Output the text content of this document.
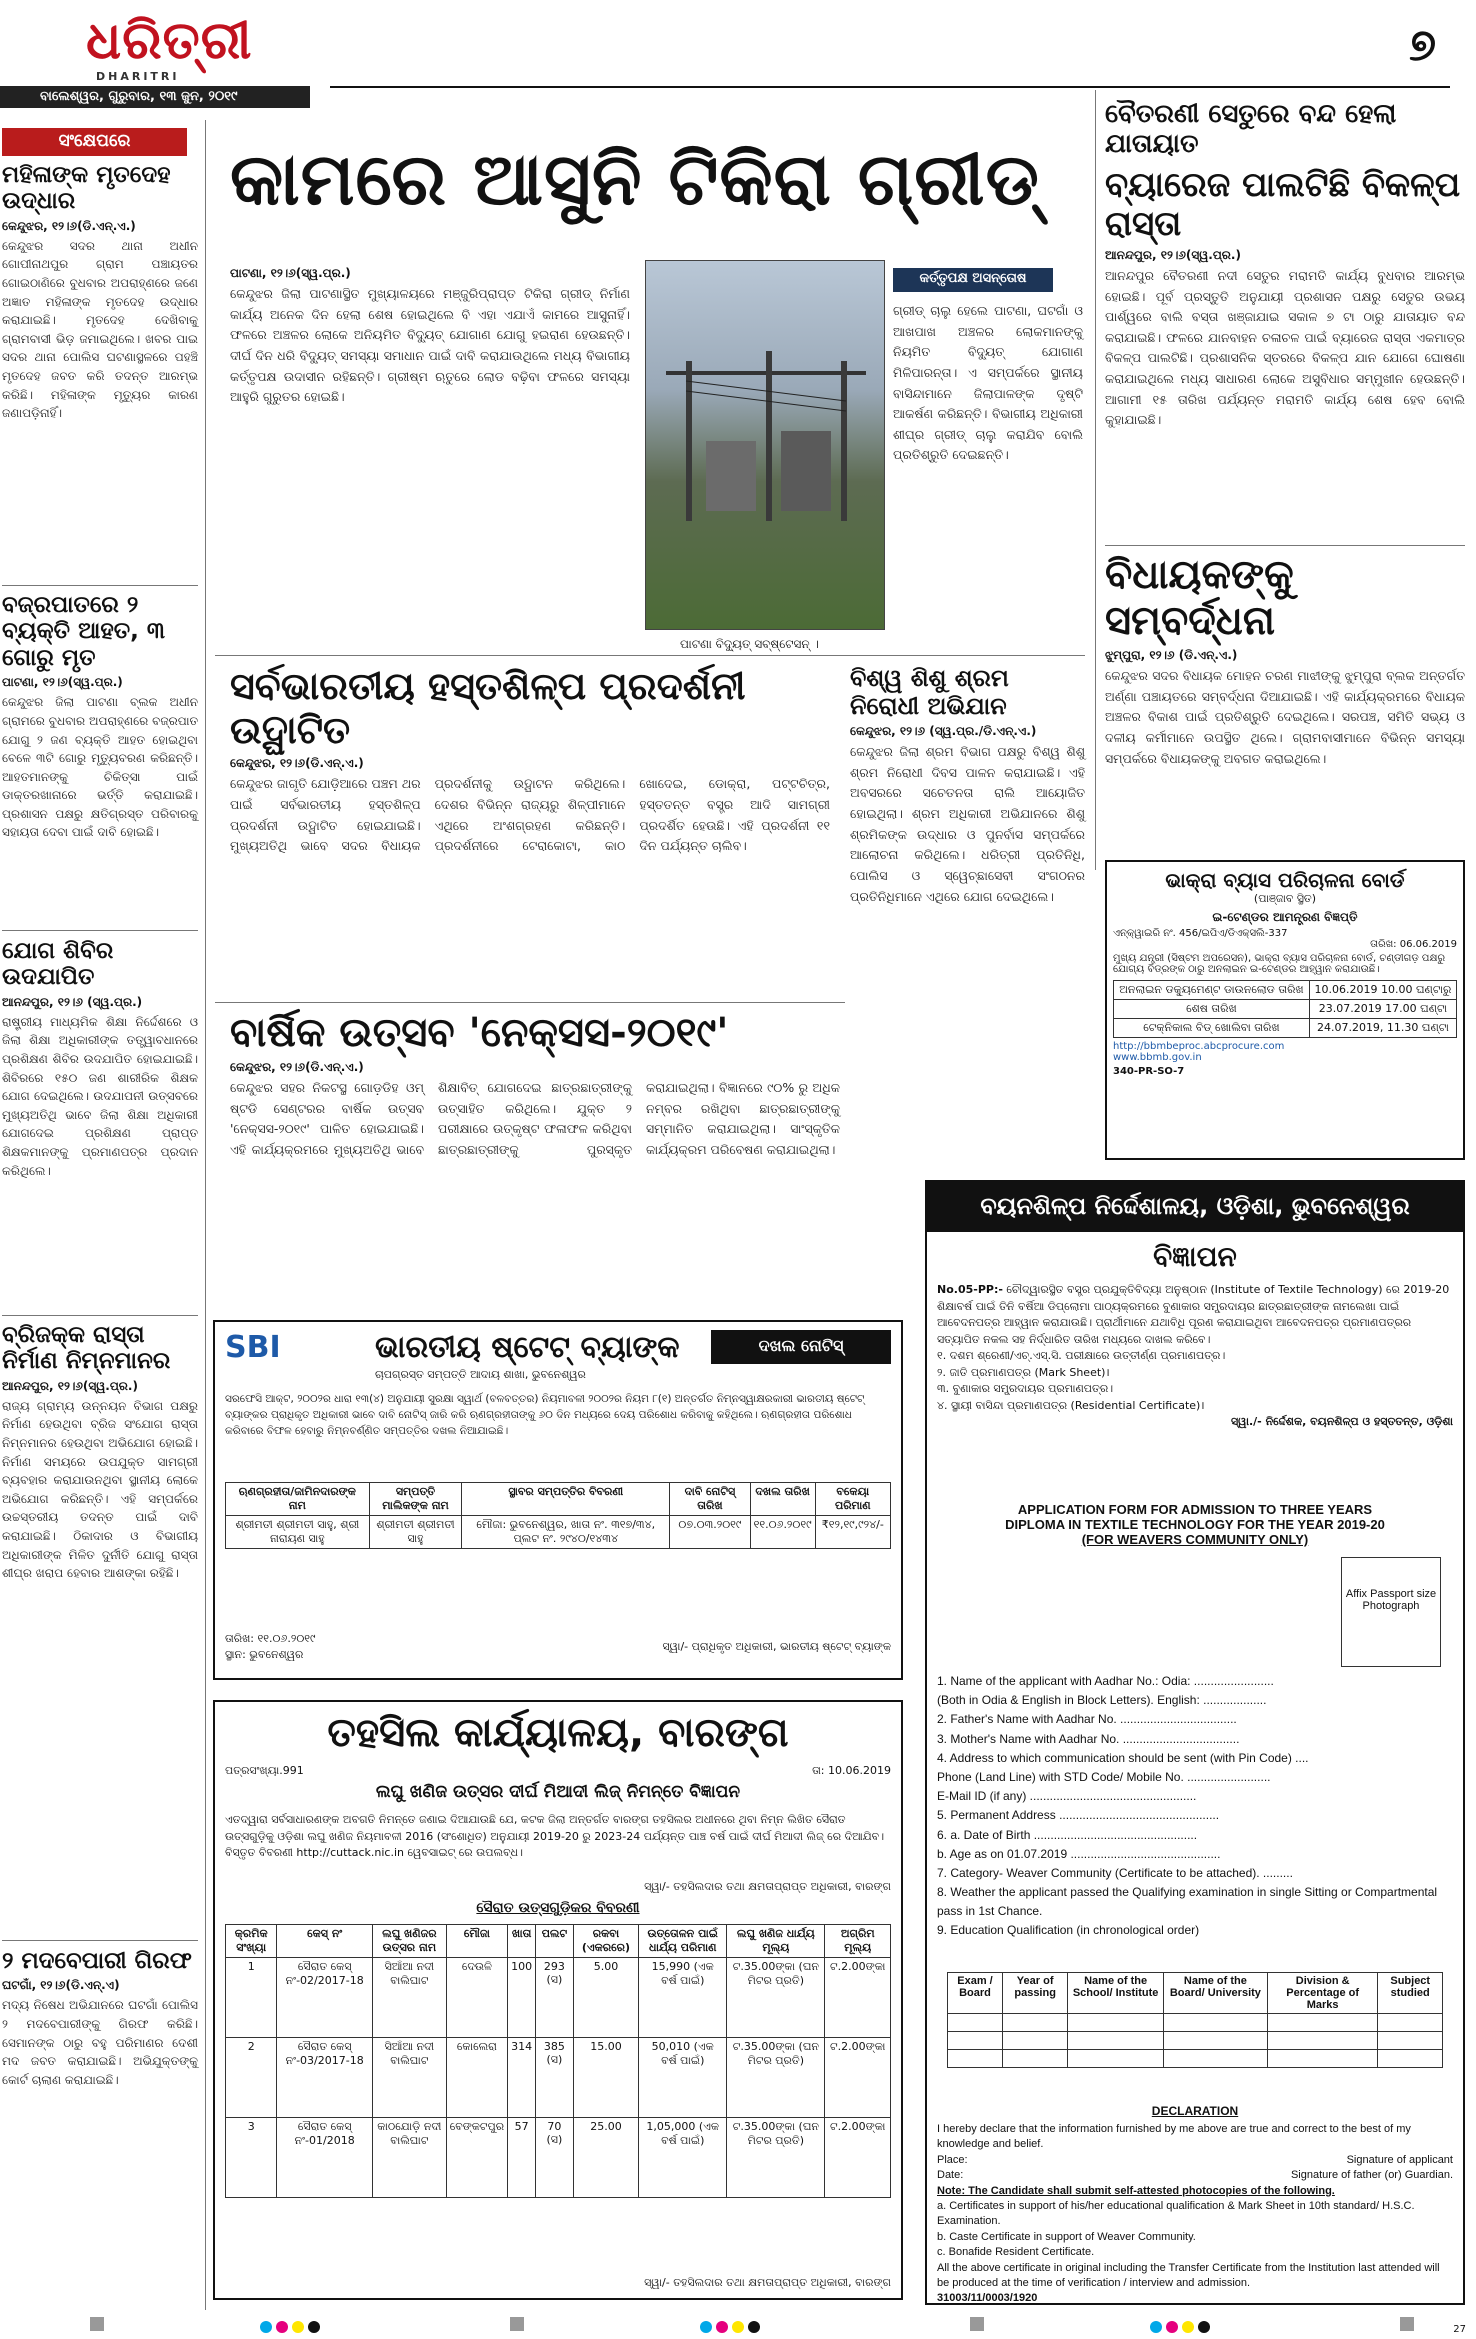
ଧରିତ୍ରୀ
DHARITRI
ବାଲେଶ୍ୱର, ଗୁରୁବାର, ୧୩ ଜୁନ, ୨୦୧୯
୭
ସଂକ୍ଷେପରେ
ମହିଳାଙ୍କ ମୃତଦେହ ଉଦ୍ଧାର
କେନ୍ଦୁଝର, ୧୨।୬(ଡି.ଏନ୍.ଏ.)
କେନ୍ଦୁଝର ସଦର ଥାନା ଅଧୀନ ଗୋପୀନାଥପୁର ଗ୍ରାମ ପଞ୍ଚାୟତର ଗୋଇଠାଣିରେ ବୁଧବାର ଅପରାହ୍ଣରେ ଜଣେ ଅଜ୍ଞାତ ମହିଳାଙ୍କ ମୃତଦେହ ଉଦ୍ଧାର କରାଯାଇଛି। ମୃତଦେହ ଦେଖିବାକୁ ଗ୍ରାମବାସୀ ଭିଡ଼ ଜମାଇଥିଲେ। ଖବର ପାଇ ସଦର ଥାନା ପୋଲିସ ଘଟଣାସ୍ଥଳରେ ପହଞ୍ଚି ମୃତଦେହ ଜବତ କରି ତଦନ୍ତ ଆରମ୍ଭ କରିଛି। ମହିଳାଙ୍କ ମୃତ୍ୟୁର କାରଣ ଜଣାପଡ଼ିନାହିଁ।
ବଜ୍ରପାତରେ ୨ ବ୍ୟକ୍ତି ଆହତ, ୩ ଗୋରୁ ମୃତ
ପାଟଣା, ୧୨।୬(ସ୍ୱ.ପ୍ର.)
କେନ୍ଦୁଝର ଜିଲା ପାଟଣା ବ୍ଲକ ଅଧୀନ ଗ୍ରାମରେ ବୁଧବାର ଅପରାହ୍ଣରେ ବଜ୍ରପାତ ଯୋଗୁ ୨ ଜଣ ବ୍ୟକ୍ତି ଆହତ ହୋଇଥିବା ବେଳେ ୩ଟି ଗୋରୁ ମୃତ୍ୟୁବରଣ କରିଛନ୍ତି। ଆହତମାନଙ୍କୁ ଚିକିତ୍ସା ପାଇଁ ଡାକ୍ତରଖାନାରେ ଭର୍ତ୍ତି କରାଯାଇଛି। ପ୍ରଶାସନ ପକ୍ଷରୁ କ୍ଷତିଗ୍ରସ୍ତ ପରିବାରକୁ ସହାୟତା ଦେବା ପାଇଁ ଦାବି ହୋଇଛି।
ଯୋଗ ଶିବିର ଉଦଯାପିତ
ଆନନ୍ଦପୁର, ୧୨।୬ (ସ୍ୱ.ପ୍ର.)
ରାଷ୍ଟ୍ରୀୟ ମାଧ୍ୟମିକ ଶିକ୍ଷା ନିର୍ଦ୍ଦେଶରେ ଓ ଜିଲା ଶିକ୍ଷା ଅଧିକାରୀଙ୍କ ତତ୍ତ୍ୱାବଧାନରେ ପ୍ରଶିକ୍ଷଣ ଶିବିର ଉଦଯାପିତ ହୋଇଯାଇଛି। ଶିବିରରେ ୧୫୦ ଜଣ ଶାରୀରିକ ଶିକ୍ଷକ ଯୋଗ ଦେଇଥିଲେ। ଉଦଯାପନୀ ଉତ୍ସବରେ ମୁଖ୍ୟଅତିଥି ଭାବେ ଜିଲା ଶିକ୍ଷା ଅଧିକାରୀ ଯୋଗଦେଇ ପ୍ରଶିକ୍ଷଣ ପ୍ରାପ୍ତ ଶିକ୍ଷକମାନଙ୍କୁ ପ୍ରମାଣପତ୍ର ପ୍ରଦାନ କରିଥିଲେ।
ବ୍ରିଜକ୍କ ରାସ୍ତା ନିର୍ମାଣ ନିମ୍ନମାନର
ଆନନ୍ଦପୁର, ୧୨।୬(ସ୍ୱ.ପ୍ର.)
ରାଜ୍ୟ ଗ୍ରାମ୍ୟ ଉନ୍ନୟନ ବିଭାଗ ପକ୍ଷରୁ ନିର୍ମାଣ ହେଉଥିବା ବ୍ରିଜ ସଂଯୋଗ ରାସ୍ତା ନିମ୍ନମାନର ହେଉଥିବା ଅଭିଯୋଗ ହୋଇଛି। ନିର୍ମାଣ ସମୟରେ ଉପଯୁକ୍ତ ସାମଗ୍ରୀ ବ୍ୟବହାର କରାଯାଉନଥିବା ସ୍ଥାନୀୟ ଲୋକେ ଅଭିଯୋଗ କରିଛନ୍ତି। ଏହି ସମ୍ପର୍କରେ ଉଚ୍ଚସ୍ତରୀୟ ତଦନ୍ତ ପାଇଁ ଦାବି କରାଯାଇଛି। ଠିକାଦାର ଓ ବିଭାଗୀୟ ଅଧିକାରୀଙ୍କ ମିଳିତ ଦୁର୍ନୀତି ଯୋଗୁ ରାସ୍ତା ଶୀଘ୍ର ଖରାପ ହେବାର ଆଶଙ୍କା ରହିଛି।
୨ ମଦବେପାରୀ ଗିରଫ
ଘଟଗାଁ, ୧୨।୬(ଡି.ଏନ୍.ଏ)
ମଦ୍ୟ ନିଷେଧ ଅଭିଯାନରେ ଘଟଗାଁ ପୋଲିସ ୨ ମଦବେପାରୀଙ୍କୁ ଗିରଫ କରିଛି। ସେମାନଙ୍କ ଠାରୁ ବହୁ ପରିମାଣର ଦେଶୀ ମଦ ଜବତ କରାଯାଇଛି। ଅଭିଯୁକ୍ତଙ୍କୁ କୋର୍ଟ ଚାଲାଣ କରାଯାଇଛି।
କାମରେ ଆସୁନି ଟିକିରା ଗ୍ରୀଡ୍‌
ପାଟଣା, ୧୨।୬(ସ୍ୱ.ପ୍ର.)
କେନ୍ଦୁଝର ଜିଲା ପାଟଣାସ୍ଥିତ ମୁଖ୍ୟାଳୟରେ ମଞ୍ଜୁରିପ୍ରାପ୍ତ ଟିକିରା ଗ୍ରୀଡ୍ ନିର୍ମାଣ କାର୍ଯ୍ୟ ଅନେକ ଦିନ ହେଲା ଶେଷ ହୋଇଥିଲେ ବି ଏହା ଏଯାଏଁ କାମରେ ଆସୁନାହିଁ। ଫଳରେ ଅଞ୍ଚଳର ଲୋକେ ଅନିୟମିତ ବିଦ୍ୟୁତ୍ ଯୋଗାଣ ଯୋଗୁ ହଇରାଣ ହେଉଛନ୍ତି। ଦୀର୍ଘ ଦିନ ଧରି ବିଦ୍ୟୁତ୍ ସମସ୍ୟା ସମାଧାନ ପାଇଁ ଦାବି କରାଯାଉଥିଲେ ମଧ୍ୟ ବିଭାଗୀୟ କର୍ତ୍ତୃପକ୍ଷ ଉଦାସୀନ ରହିଛନ୍ତି। ଗ୍ରୀଷ୍ମ ଋତୁରେ ଲୋଡ ବଢ଼ିବା ଫଳରେ ସମସ୍ୟା ଆହୁରି ଗୁରୁତର ହୋଇଛି।
ପାଟଣା ବିଦ୍ୟୁତ୍ ସବ୍‌ଷ୍ଟେସନ୍ ।
କର୍ତ୍ତୃପକ୍ଷ ଅସନ୍ତୋଷ
ଗ୍ରୀଡ୍ ଚାଲୁ ହେଲେ ପାଟଣା, ଘଟଗାଁ ଓ ଆଖପାଖ ଅଞ୍ଚଳର ଲୋକମାନଙ୍କୁ ନିୟମିତ ବିଦ୍ୟୁତ୍ ଯୋଗାଣ ମିଳିପାରନ୍ତା। ଏ ସମ୍ପର୍କରେ ସ୍ଥାନୀୟ ବାସିନ୍ଦାମାନେ ଜିଲାପାଳଙ୍କ ଦୃଷ୍ଟି ଆକର୍ଷଣ କରିଛନ୍ତି। ବିଭାଗୀୟ ଅଧିକାରୀ ଶୀଘ୍ର ଗ୍ରୀଡ୍ ଚାଲୁ କରାଯିବ ବୋଲି ପ୍ରତିଶ୍ରୁତି ଦେଇଛନ୍ତି।
ବୈତରଣୀ ସେତୁରେ ବନ୍ଦ ହେଲା ଯାତାୟାତ
ବ୍ୟାରେଜ ପାଲଟିଛି ବିକଳ୍ପ ରାସ୍ତା
ଆନନ୍ଦପୁର, ୧୨।୬(ସ୍ୱ.ପ୍ର.)
ଆନନ୍ଦପୁର ବୈତରଣୀ ନଦୀ ସେତୁର ମରାମତି କାର୍ଯ୍ୟ ବୁଧବାର ଆରମ୍ଭ ହୋଇଛି। ପୂର୍ବ ପ୍ରସ୍ତୁତି ଅନୁଯାୟୀ ପ୍ରଶାସନ ପକ୍ଷରୁ ସେତୁର ଉଭୟ ପାର୍ଶ୍ୱରେ ବାଲି ବସ୍ତା ଖଞ୍ଜାଯାଇ ସକାଳ ୭ ଟା ଠାରୁ ଯାତାୟାତ ବନ୍ଦ କରାଯାଇଛି। ଫଳରେ ଯାନବାହନ ଚଳାଚଳ ପାଇଁ ବ୍ୟାରେଜ ରାସ୍ତା ଏକମାତ୍ର ବିକଳ୍ପ ପାଲଟିଛି। ପ୍ରଶାସନିକ ସ୍ତରରେ ବିକଳ୍ପ ଯାନ ଯୋଗେ ଘୋଷଣା କରାଯାଇଥିଲେ ମଧ୍ୟ ସାଧାରଣ ଲୋକେ ଅସୁବିଧାର ସମ୍ମୁଖୀନ ହେଉଛନ୍ତି। ଆଗାମୀ ୧୫ ତାରିଖ ପର୍ଯ୍ୟନ୍ତ ମରାମତି କାର୍ଯ୍ୟ ଶେଷ ହେବ ବୋଲି କୁହାଯାଇଛି।
ବିଧାୟକଙ୍କୁ ସମ୍ବର୍ଦ୍ଧନା
ଝୁମ୍ପୁରା, ୧୨।୬ (ଡି.ଏନ୍.ଏ.)
କେନ୍ଦୁଝର ସଦର ବିଧାୟକ ମୋହନ ଚରଣ ମାଝୀଙ୍କୁ ଝୁମ୍ପୁରା ବ୍ଲକ ଅନ୍ତର୍ଗତ ଅର୍ଣ୍ଣା ପଞ୍ଚାୟତରେ ସମ୍ବର୍ଦ୍ଧନା ଦିଆଯାଇଛି। ଏହି କାର୍ଯ୍ୟକ୍ରମରେ ବିଧାୟକ ଅଞ୍ଚଳର ବିକାଶ ପାଇଁ ପ୍ରତିଶ୍ରୁତି ଦେଇଥିଲେ। ସରପଞ୍ଚ, ସମିତି ସଭ୍ୟ ଓ ଦଳୀୟ କର୍ମୀମାନେ ଉପସ୍ଥିତ ଥିଲେ। ଗ୍ରାମବାସୀମାନେ ବିଭିନ୍ନ ସମସ୍ୟା ସମ୍ପର୍କରେ ବିଧାୟକଙ୍କୁ ଅବଗତ କରାଇଥିଲେ।
ଭାକ୍ରା ବ୍ୟାସ ପରିଚାଳନା ବୋର୍ଡ
(ପାଞ୍ଜାବ ସ୍ଥିତ)
ଇ-ଟେଣ୍ଡର ଆମନ୍ତ୍ରଣ ବିଜ୍ଞପ୍ତି
ଏନ୍‌କ୍ୱାଇରି ନଂ. 456/ଇପିଏ/ଡିଏକ୍ସଲି-337
ତାରିଖ: 06.06.2019
ମୁଖ୍ୟ ଯନ୍ତ୍ରୀ (ସିଷ୍ଟମ ଅପରେସନ), ଭାକ୍ରା ବ୍ୟାସ ପରିଚାଳନା ବୋର୍ଡ, ଚଣ୍ଡୀଗଡ଼ ପକ୍ଷରୁ ଯୋଗ୍ୟ ବିଡ୍‌ରଙ୍କ ଠାରୁ ଅନଲାଇନ ଇ-ଟେଣ୍ଡର ଆହ୍ୱାନ କରାଯାଉଛି।
ଅନଲାଇନ ଡକ୍ୟୁମେଣ୍ଟ ଡାଉନଲୋଡ ତାରିଖ	10.06.2019 10.00 ଘଣ୍ଟାରୁ
ଶେଷ ତାରିଖ	23.07.2019 17.00 ଘଣ୍ଟା
ଟେକ୍ନିକାଲ ବିଡ୍ ଖୋଲିବା ତାରିଖ	24.07.2019, 11.30 ଘଣ୍ଟା
http://bbmbeproc.abcprocure.com
www.bbmb.gov.in
340-PR-SO-7
ସର୍ବଭାରତୀୟ ହସ୍ତଶିଳ୍ପ ପ୍ରଦର୍ଶନୀ ଉଦ୍ଘାଟିତ
କେନ୍ଦୁଝର, ୧୨।୬(ଡି.ଏନ୍.ଏ.)
କେନ୍ଦୁଝର ଜାଗୃତି ଯୋଡ଼ିଆରେ ପଞ୍ଚମ ଥର ପାଇଁ ସର୍ବଭାରତୀୟ ହସ୍ତଶିଳ୍ପ ପ୍ରଦର୍ଶନୀ ଉଦ୍ଘାଟିତ ହୋଇଯାଇଛି। ମୁଖ୍ୟଅତିଥି ଭାବେ ସଦର ବିଧାୟକ ପ୍ରଦର୍ଶନୀକୁ ଉଦ୍ଘାଟନ କରିଥିଲେ। ଦେଶର ବିଭିନ୍ନ ରାଜ୍ୟରୁ ଶିଳ୍ପୀମାନେ ଏଥିରେ ଅଂଶଗ୍ରହଣ କରିଛନ୍ତି। ପ୍ରଦର୍ଶନୀରେ ଟେରାକୋଟା, କାଠ ଖୋଦେଇ, ଡୋକ୍ରା, ପଟ୍ଟଚିତ୍ର, ହସ୍ତତନ୍ତ ବସ୍ତ୍ର ଆଦି ସାମଗ୍ରୀ ପ୍ରଦର୍ଶିତ ହେଉଛି। ଏହି ପ୍ରଦର୍ଶନୀ ୧୧ ଦିନ ପର୍ଯ୍ୟନ୍ତ ଚାଲିବ।
ବିଶ୍ୱ ଶିଶୁ ଶ୍ରମ ନିରୋଧୀ ଅଭିଯାନ
କେନ୍ଦୁଝର, ୧୨।୬ (ସ୍ୱ.ପ୍ର./ଡି.ଏନ୍.ଏ.)
କେନ୍ଦୁଝର ଜିଲା ଶ୍ରମ ବିଭାଗ ପକ୍ଷରୁ ବିଶ୍ୱ ଶିଶୁ ଶ୍ରମ ନିରୋଧୀ ଦିବସ ପାଳନ କରାଯାଇଛି। ଏହି ଅବସରରେ ସଚେତନତା ରାଲି ଆୟୋଜିତ ହୋଇଥିଲା। ଶ୍ରମ ଅଧିକାରୀ ଅଭିଯାନରେ ଶିଶୁ ଶ୍ରମିକଙ୍କ ଉଦ୍ଧାର ଓ ପୁନର୍ବାସ ସମ୍ପର୍କରେ ଆଲୋଚନା କରିଥିଲେ। ଧରିତ୍ରୀ ପ୍ରତିନିଧି, ପୋଲିସ ଓ ସ୍ୱେଚ୍ଛାସେବୀ ସଂଗଠନର ପ୍ରତିନିଧିମାନେ ଏଥିରେ ଯୋଗ ଦେଇଥିଲେ।
ବାର୍ଷିକ ଉତ୍ସବ 'ନେକ୍ସସ-୨୦୧୯'
କେନ୍ଦୁଝର, ୧୨।୬(ଡି.ଏନ୍.ଏ.)
କେନ୍ଦୁଝର ସହର ନିକଟସ୍ଥ ଗୋଡ଼ଡିହ ଓମ୍ ଷ୍ଟଡି ସେଣ୍ଟରର ବାର୍ଷିକ ଉତ୍ସବ 'ନେକ୍ସସ-୨୦୧୯' ପାଳିତ ହୋଇଯାଇଛି। ଏହି କାର୍ଯ୍ୟକ୍ରମରେ ମୁଖ୍ୟଅତିଥି ଭାବେ ଶିକ୍ଷାବିତ୍ ଯୋଗଦେଇ ଛାତ୍ରଛାତ୍ରୀଙ୍କୁ ଉତ୍ସାହିତ କରିଥିଲେ। ଯୁକ୍ତ ୨ ପରୀକ୍ଷାରେ ଉତ୍କୃଷ୍ଟ ଫଳାଫଳ କରିଥିବା ଛାତ୍ରଛାତ୍ରୀଙ୍କୁ ପୁରସ୍କୃତ କରାଯାଇଥିଲା। ବିଜ୍ଞାନରେ ୯୦% ରୁ ଅଧିକ ନମ୍ବର ରଖିଥିବା ଛାତ୍ରଛାତ୍ରୀଙ୍କୁ ସମ୍ମାନିତ କରାଯାଇଥିଲା। ସାଂସ୍କୃତିକ କାର୍ଯ୍ୟକ୍ରମ ପରିବେଷଣ କରାଯାଇଥିଲା।
SBI	ଭାରତୀୟ ଷ୍ଟେଟ୍ ବ୍ୟାଙ୍କ	ଦଖଲ ନୋଟିସ୍
ଚାପଗ୍ରସ୍ତ ସମ୍ପତ୍ତି ଆଦାୟ ଶାଖା, ଭୁବନେଶ୍ୱର
ସରଫେସି ଆକ୍ଟ, ୨୦୦୨ର ଧାରା ୧୩(୪) ଅନୁଯାୟୀ ସୁରକ୍ଷା ସ୍ୱାର୍ଥ (ବଳବତ୍ତର) ନିୟମାବଳୀ ୨୦୦୨ର ନିୟମ ୮(୧) ଅନ୍ତର୍ଗତ ନିମ୍ନସ୍ୱାକ୍ଷରକାରୀ ଭାରତୀୟ ଷ୍ଟେଟ୍ ବ୍ୟାଙ୍କର ପ୍ରାଧିକୃତ ଅଧିକାରୀ ଭାବେ ଦାବି ନୋଟିସ୍ ଜାରି କରି ଋଣଗ୍ରହୀତାଙ୍କୁ ୬୦ ଦିନ ମଧ୍ୟରେ ଦେୟ ପରିଶୋଧ କରିବାକୁ କହିଥିଲେ। ଋଣଗ୍ରହୀତା ପରିଶୋଧ କରିବାରେ ବିଫଳ ହେବାରୁ ନିମ୍ନବର୍ଣ୍ଣିତ ସମ୍ପତ୍ତିର ଦଖଲ ନିଆଯାଇଛି।
ଋଣଗ୍ରହୀତା/ଜାମିନଦାରଙ୍କ ନାମ	ସମ୍ପତ୍ତି ମାଲିକଙ୍କ ନାମ	ସ୍ଥାବର ସମ୍ପତ୍ତିର ବିବରଣୀ	ଦାବି ନୋଟିସ୍ ତାରିଖ	ଦଖଲ ତାରିଖ	ବକେୟା ପରିମାଣ
ଶ୍ରୀମତୀ ଶ୍ରୀମତୀ ସାହୁ, ଶ୍ରୀ ନାରାୟଣ ସାହୁ	ଶ୍ରୀମତୀ ଶ୍ରୀମତୀ ସାହୁ	ମୌଜା: ଭୁବନେଶ୍ୱର, ଖାତା ନଂ. ୩୧୭/୩୪, ପ୍ଲଟ ନଂ. ୨୯୪୦/୧୪୩୪	୦୭.୦୩.୨୦୧୯	୧୧.୦୬.୨୦୧୯	₹୧୨,୧୯,୯୨୪/-
ତାରିଖ: ୧୧.୦୬.୨୦୧୯
ସ୍ଥାନ: ଭୁବନେଶ୍ୱର
ସ୍ୱା/- ପ୍ରାଧିକୃତ ଅଧିକାରୀ, ଭାରତୀୟ ଷ୍ଟେଟ୍ ବ୍ୟାଙ୍କ
ତହସିଲ କାର୍ଯ୍ୟାଳୟ, ବାରଙ୍ଗ
ପତ୍ରସଂଖ୍ୟା.991	ତା: 10.06.2019
ଲଘୁ ଖଣିଜ ଉତ୍ସର ଦୀର୍ଘ ମିଆଦୀ ଲିଜ୍ ନିମନ୍ତେ ବିଜ୍ଞାପନ
ଏତଦ୍ୱାରା ସର୍ବସାଧାରଣଙ୍କ ଅବଗତି ନିମନ୍ତେ ଜଣାଇ ଦିଆଯାଉଛି ଯେ, କଟକ ଜିଲା ଅନ୍ତର୍ଗତ ବାରଙ୍ଗ ତହସିଲର ଅଧୀନରେ ଥିବା ନିମ୍ନ ଲିଖିତ ସୈରାତ ଉତ୍ସଗୁଡ଼ିକୁ ଓଡ଼ିଶା ଲଘୁ ଖଣିଜ ନିୟମାବଳୀ 2016 (ସଂଶୋଧିତ) ଅନୁଯାୟୀ 2019-20 ରୁ 2023-24 ପର୍ଯ୍ୟନ୍ତ ପାଞ୍ଚ ବର୍ଷ ପାଇଁ ଦୀର୍ଘ ମିଆଦୀ ଲିଜ୍ ରେ ଦିଆଯିବ। ବିସ୍ତୃତ ବିବରଣୀ http://cuttack.nic.in ୱେବସାଇଟ୍ ରେ ଉପଲବ୍ଧ।
ସ୍ୱା/- ତହସିଲଦାର ତଥା କ୍ଷମତାପ୍ରାପ୍ତ ଅଧିକାରୀ, ବାରଙ୍ଗ
ସୈରାତ ଉତ୍ସଗୁଡ଼ିକର ବିବରଣୀ
କ୍ରମିକ ସଂଖ୍ୟା	କେସ୍ ନଂ	ଲଘୁ ଖଣିଜର ଉତ୍ସର ନାମ	ମୌଜା	ଖାତା	ପଲଟ	ରକବା (ଏକରରେ)	ଉତ୍ତୋଳନ ପାଇଁ ଧାର୍ଯ୍ୟ ପରିମାଣ	ଲଘୁ ଖଣିଜ ଧାର୍ଯ୍ୟ ମୂଲ୍ୟ	ଅଗ୍ରିମ ମୂଲ୍ୟ
1	ସୈରାତ କେସ୍ ନଂ-02/2017-18	ସିଆଁଆ ନଦୀ ବାଲିଘାଟ	ଦେଉଳି	100	293 (ସ)	5.00	15,990 (ଏକ ବର୍ଷ ପାଇଁ)	ଟ.35.00ଙ୍କା (ଘନ ମିଟର ପ୍ରତି)	ଟ.2.00ଙ୍କା
2	ସୈରାତ କେସ୍ ନଂ-03/2017-18	ସିଆଁଆ ନଦୀ ବାଲିଘାଟ	କୋଲେରା	314	385 (ସ)	15.00	50,010 (ଏକ ବର୍ଷ ପାଇଁ)	ଟ.35.00ଙ୍କା (ଘନ ମିଟର ପ୍ରତି)	ଟ.2.00ଙ୍କା
3	ସୈରାତ କେସ୍ ନଂ-01/2018	କାଠଯୋଡ଼ି ନଦୀ ବାଲିଘାଟ	ବେଙ୍କଟପୁର	57	70 (ସ)	25.00	1,05,000 (ଏକ ବର୍ଷ ପାଇଁ)	ଟ.35.00ଙ୍କା (ଘନ ମିଟର ପ୍ରତି)	ଟ.2.00ଙ୍କା
ସ୍ୱା/- ତହସିଲଦାର ତଥା କ୍ଷମତାପ୍ରାପ୍ତ ଅଧିକାରୀ, ବାରଙ୍ଗ
ବୟନଶିଳ୍ପ ନିର୍ଦ୍ଦେଶାଳୟ, ଓଡ଼ିଶା, ଭୁବନେଶ୍ୱର
ବିଜ୍ଞାପନ
No.05-PP:- ଚୌଦ୍ୱାରସ୍ଥିତ ବସ୍ତ୍ର ପ୍ରଯୁକ୍ତିବିଦ୍ୟା ଅନୁଷ୍ଠାନ (Institute of Textile Technology) ରେ 2019-20 ଶିକ୍ଷାବର୍ଷ ପାଇଁ ତିନି ବର୍ଷିଆ ଡିପ୍ଲୋମା ପାଠ୍ୟକ୍ରମରେ ବୁଣାକାର ସମ୍ପ୍ରଦାୟର ଛାତ୍ରଛାତ୍ରୀଙ୍କ ନାମଲେଖା ପାଇଁ ଆବେଦନପତ୍ର ଆହ୍ୱାନ କରାଯାଉଛି। ପ୍ରାର୍ଥୀମାନେ ଯଥାବିଧି ପୂରଣ କରାଯାଇଥିବା ଆବେଦନପତ୍ର ପ୍ରମାଣପତ୍ରର ସତ୍ୟାପିତ ନକଲ ସହ ନିର୍ଦ୍ଧାରିତ ତାରିଖ ମଧ୍ୟରେ ଦାଖଲ କରିବେ।
୧. ଦଶମ ଶ୍ରେଣୀ/ଏଚ୍.ଏସ୍.ସି. ପରୀକ୍ଷାରେ ଉତ୍ତୀର୍ଣ୍ଣ ପ୍ରମାଣପତ୍ର।
୨. ଜାତି ପ୍ରମାଣପତ୍ର (Mark Sheet)।
୩. ବୁଣାକାର ସମ୍ପ୍ରଦାୟର ପ୍ରମାଣପତ୍ର।
୪. ସ୍ଥାୟୀ ବାସିନ୍ଦା ପ୍ରମାଣପତ୍ର (Residential Certificate)।
ସ୍ୱା./- ନିର୍ଦ୍ଦେଶକ, ବୟନଶିଳ୍ପ ଓ ହସ୍ତତନ୍ତ, ଓଡ଼ିଶା
APPLICATION FORM FOR ADMISSION TO THREE YEARS
DIPLOMA IN TEXTILE TECHNOLOGY FOR THE YEAR 2019-20
(FOR WEAVERS COMMUNITY ONLY)
Affix Passport size Photograph
1. Name of the applicant with Aadhar No.: Odia: ........................
(Both in Odia & English in Block Letters). English: ...................
2. Father's Name with Aadhar No. ...................................
3. Mother's Name with Aadhar No. ...................................
4. Address to which communication should be sent (with Pin Code) ....
Phone (Land Line) with STD Code/ Mobile No. .........................
E-Mail ID (if any) ..................................................
5. Permanent Address ................................................
6. a. Date of Birth .................................................
b. Age as on 01.07.2019 .............................................
7. Category- Weaver Community (Certificate to be attached). .........
8. Weather the applicant passed the Qualifying examination in single Sitting or Compartmental pass in 1st Chance.
9. Education Qualification (in chronological order)
Exam / Board	Year of passing	Name of the School/ Institute	Name of the Board/ University	Division & Percentage of Marks	Subject studied

DECLARATION
I hereby declare that the information furnished by me above are true and correct to the best of my knowledge and belief.
Place:	Signature of applicant
Date:	Signature of father (or) Guardian.
Note: The Candidate shall submit self-attested photocopies of the following.
a. Certificates in support of his/her educational qualification & Mark Sheet in 10th standard/ H.S.C. Examination.
b. Caste Certificate in support of Weaver Community.
c. Bonafide Resident Certificate.
All the above certificate in original including the Transfer Certificate from the Institution last attended will be produced at the time of verification / interview and admission.
31003/11/0003/1920
27
